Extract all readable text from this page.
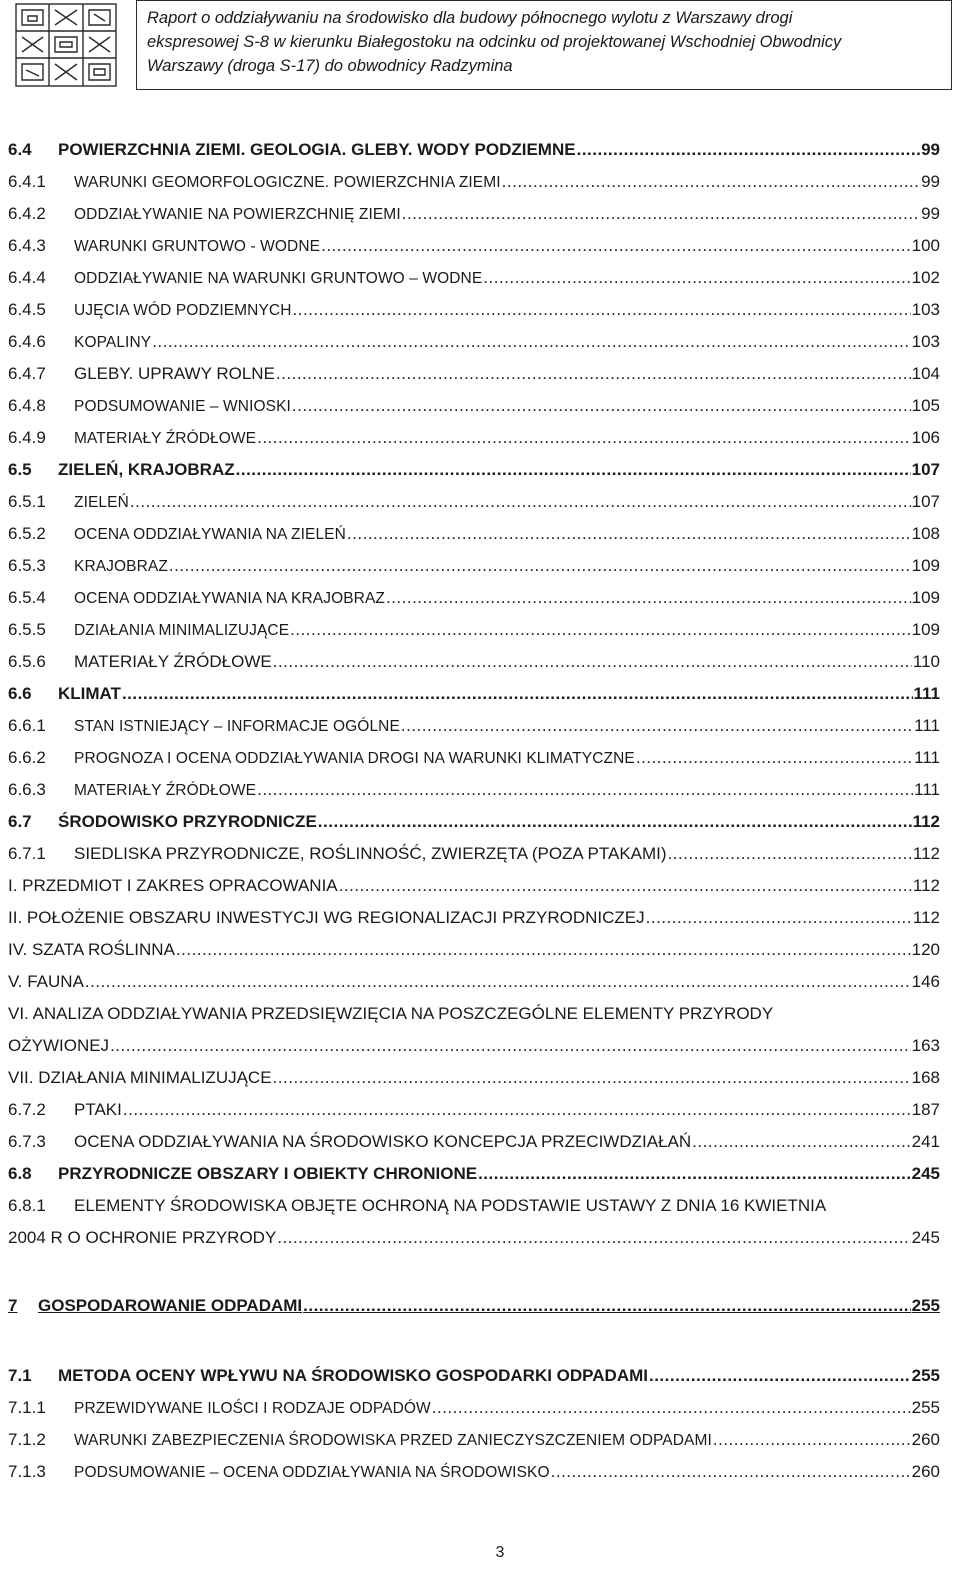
Raport o oddziaływaniu na środowisko dla budowy północnego wylotu z Warszawy drogi
ekspresowej S-8 w kierunku Białegostoku na odcinku od projektowanej Wschodniej Obwodnicy
Warszawy (droga S-17) do obwodnicy Radzymina
6.4	POWIERZCHNIA ZIEMI. GEOLOGIA. GLEBY. WODY PODZIEMNE .....	99
6.4.1	WARUNKI GEOMORFOLOGICZNE. POWIERZCHNIA ZIEMI .....	99
6.4.2	ODDZIAŁYWANIE NA POWIERZCHNIĘ ZIEMI .....	99
6.4.3	WARUNKI GRUNTOWO - WODNE .....	100
6.4.4	ODDZIAŁYWANIE NA WARUNKI GRUNTOWO – WODNE .....	102
6.4.5	UJĘCIA WÓD PODZIEMNYCH .....	103
6.4.6	KOPALINY .....	103
6.4.7	GLEBY. UPRAWY ROLNE .....	104
6.4.8	PODSUMOWANIE – WNIOSKI .....	105
6.4.9	MATERIAŁY ŹRÓDŁOWE .....	106
6.5	ZIELEŃ, KRAJOBRAZ .....	107
6.5.1	ZIELEŃ .....	107
6.5.2	OCENA ODDZIAŁYWANIA NA ZIELEŃ .....	108
6.5.3	KRAJOBRAZ .....	109
6.5.4	OCENA ODDZIAŁYWANIA NA KRAJOBRAZ .....	109
6.5.5	DZIAŁANIA MINIMALIZUJĄCE .....	109
6.5.6	MATERIAŁY ŹRÓDŁOWE .....	110
6.6	KLIMAT .....	111
6.6.1	STAN ISTNIEJĄCY – INFORMACJE OGÓLNE .....	111
6.6.2	PROGNOZA I OCENA ODDZIAŁYWANIA DROGI NA WARUNKI KLIMATYCZNE .....	111
6.6.3	MATERIAŁY ŹRÓDŁOWE .....	111
6.7	ŚRODOWISKO PRZYRODNICZE .....	112
6.7.1	SIEDLISKA PRZYRODNICZE, ROŚLINNOŚĆ, ZWIERZĘTA (POZA PTAKAMI) .....	112
I. PRZEDMIOT I ZAKRES OPRACOWANIA .....	112
II. POŁOŻENIE OBSZARU INWESTYCJI WG REGIONALIZACJI PRZYRODNICZEJ .....	112
IV. SZATA ROŚLINNA .....	120
V. FAUNA .....	146
VI. ANALIZA ODDZIAŁYWANIA PRZEDSIĘWZIĘCIA NA POSZCZEGÓLNE ELEMENTY PRZYRODY
OŻYWIONEJ .....	163
VII. DZIAŁANIA MINIMALIZUJĄCE .....	168
6.7.2	PTAKI .....	187
6.7.3	OCENA ODDZIAŁYWANIA NA ŚRODOWISKO KONCEPCJA PRZECIWDZIAŁAŃ .....	241
6.8	PRZYRODNICZE OBSZARY I OBIEKTY CHRONIONE .....	245
6.8.1 ELEMENTY ŚRODOWISKA OBJĘTE OCHRONĄ NA PODSTAWIE USTAWY Z DNIA 16 KWIETNIA
2004 R O OCHRONIE PRZYRODY .....	245
7	GOSPODAROWANIE ODPADAMI .....	255
7.1	METODA OCENY WPŁYWU NA ŚRODOWISKO GOSPODARKI ODPADAMI .....	255
7.1.1	PRZEWIDYWANE ILOŚCI I RODZAJE ODPADÓW .....	255
7.1.2	WARUNKI ZABEZPIECZENIA ŚRODOWISKA PRZED ZANIECZYSZCZENIEM ODPADAMI .....	260
7.1.3	PODSUMOWANIE – OCENA ODDZIAŁYWANIA NA ŚRODOWISKO .....	260
3
